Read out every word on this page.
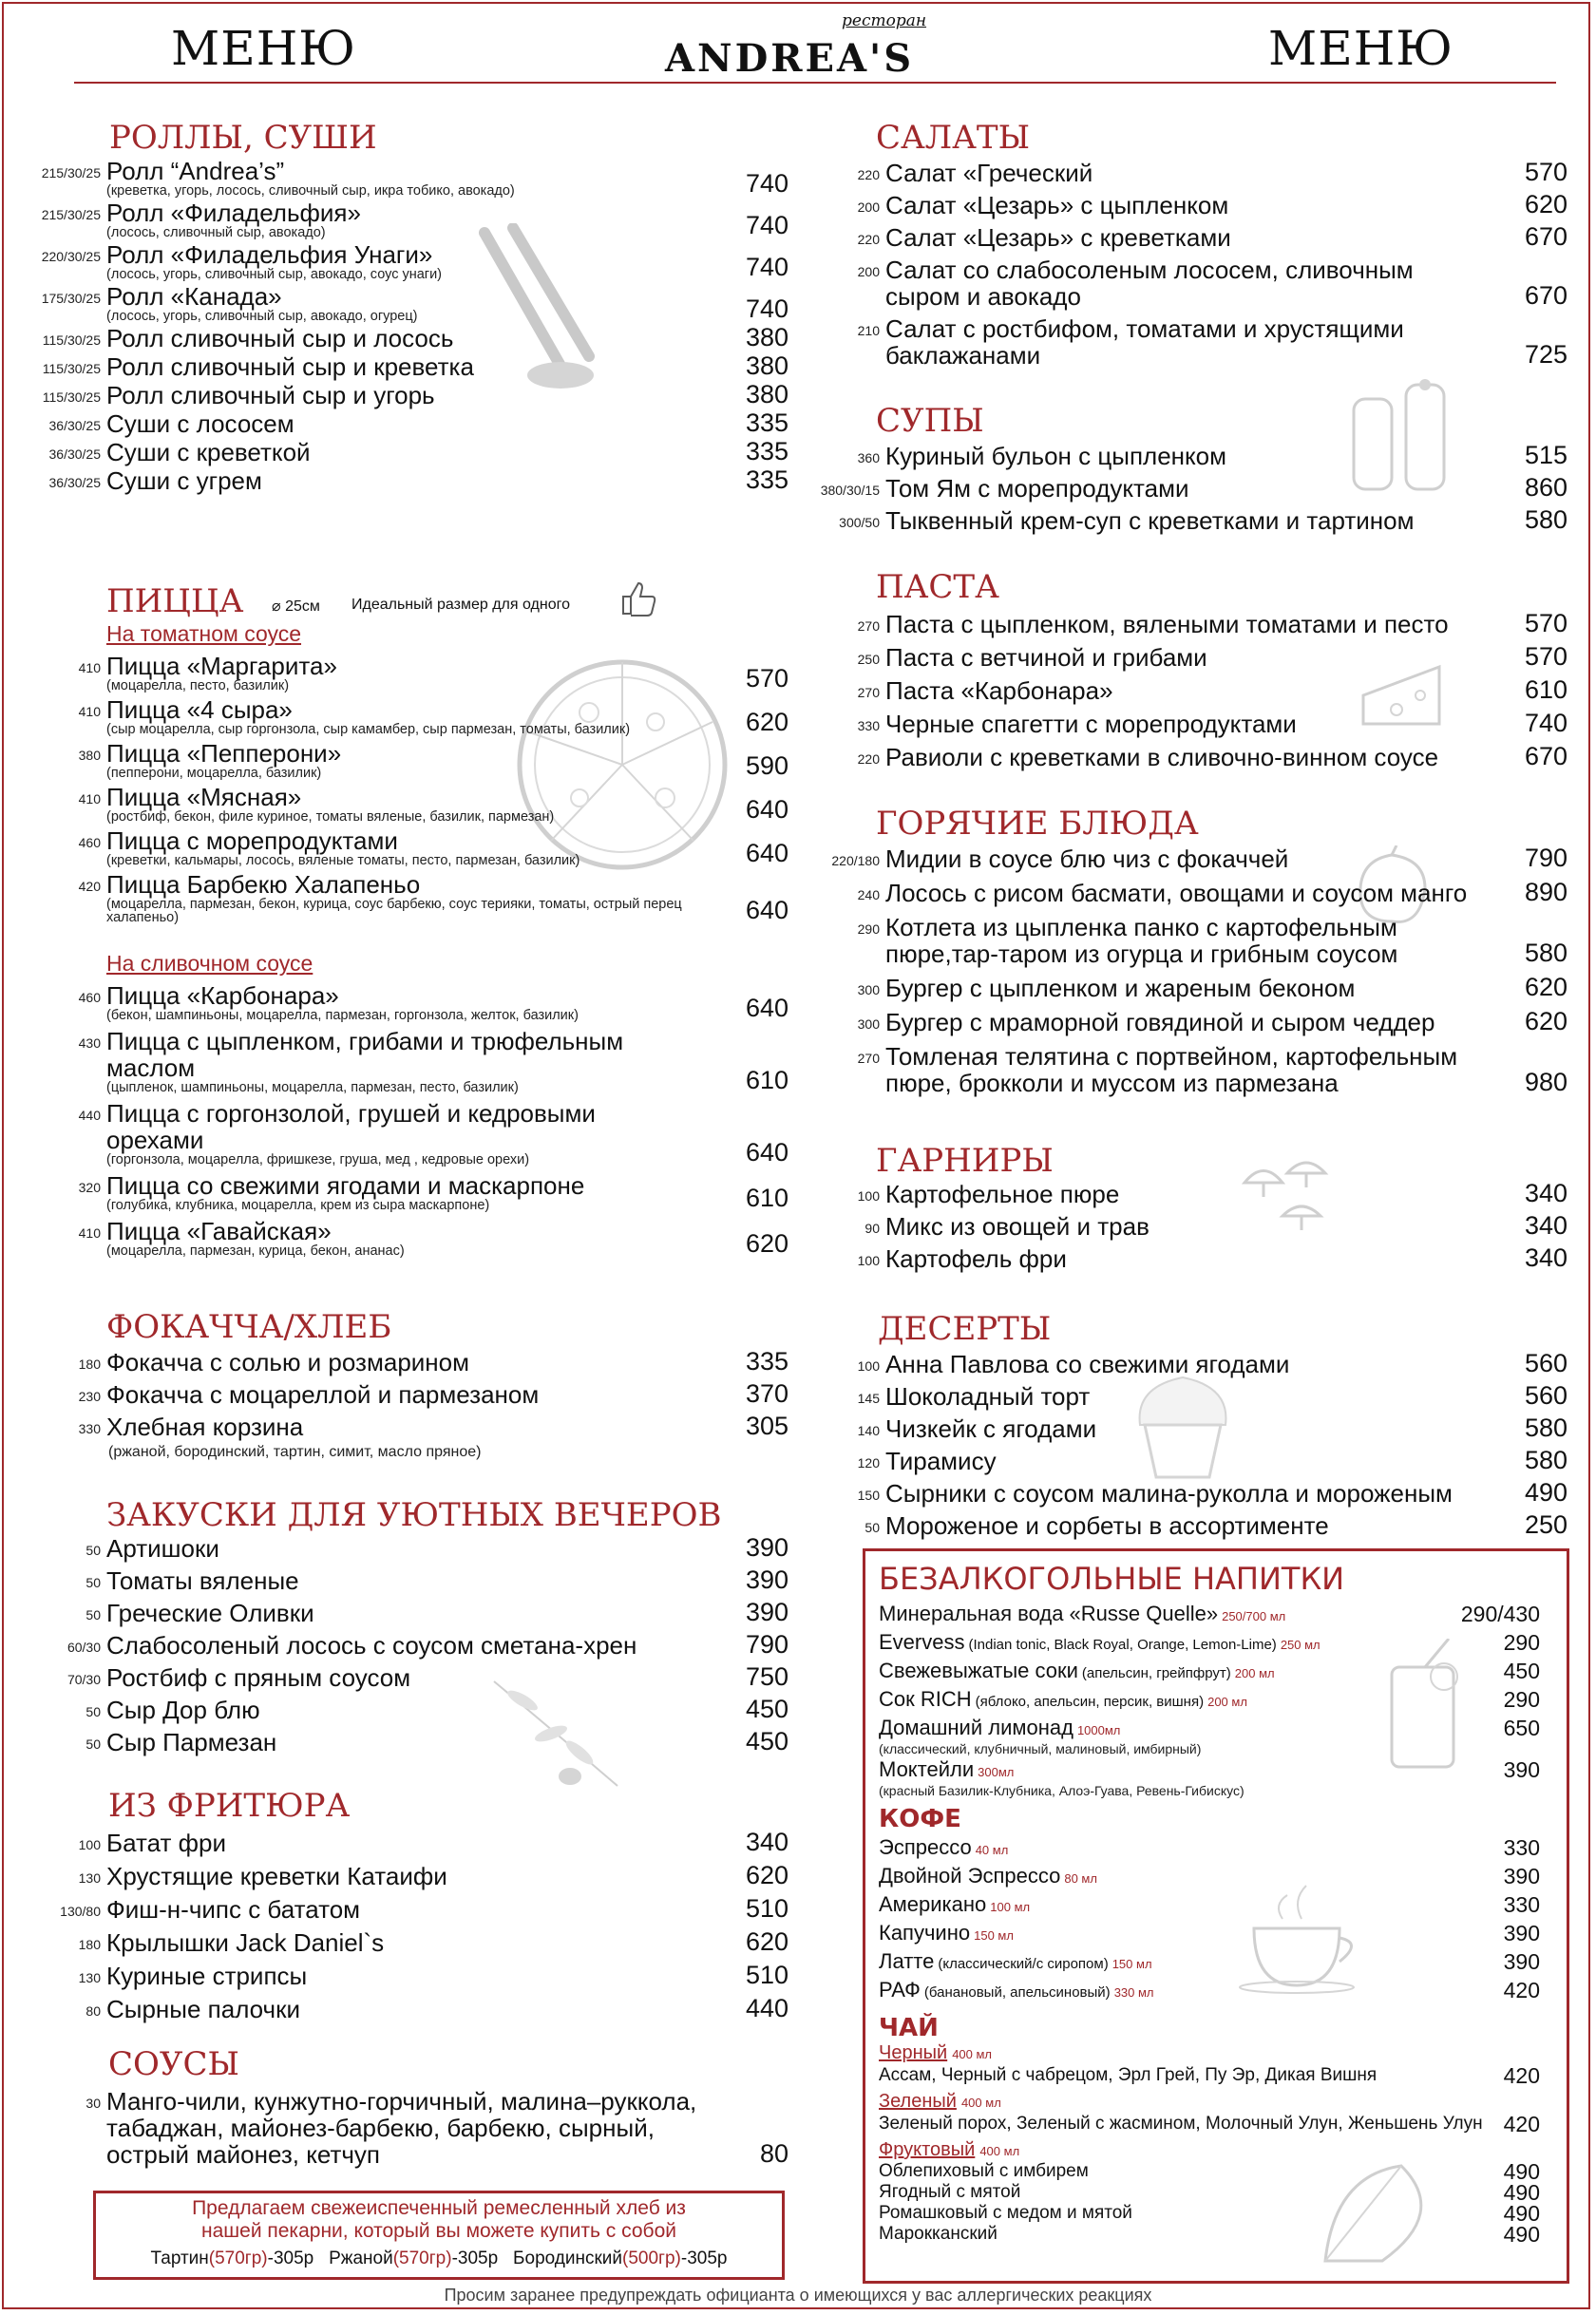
МЕНЮ	МЕНЮ
ресторан
ANDREA'S
РОЛЛЫ, СУШИ
215/30/25 Ролл “Andrea’s”
(креветка, угорь, лосось, сливочный сыр, икра тобико, авокадо)	740
215/30/25 Ролл «Филадельфия»
(лосось, сливочный сыр, авокадо)	740
220/30/25 Ролл «Филадельфия Унаги»
(лосось, угорь, сливочный сыр, авокадо, соус унаги)	740
175/30/25 Ролл «Канада»
(лосось, угорь, сливочный сыр, авокадо, огурец)	740
115/30/25 Ролл сливочный сыр и лосось	380
115/30/25 Ролл сливочный сыр и креветка	380
115/30/25 Ролл сливочный сыр и угорь	380
36/30/25 Суши с лососем	335
36/30/25 Суши с креветкой	335
36/30/25 Суши с угрем	335
ПИЦЦА ⌀ 25см Идеальный размер для одного
На томатном соусе
410 Пицца «Маргарита»
(моцарелла, песто, базилик)	570
410 Пицца «4 сыра»
(сыр моцарелла, сыр горгонзола, сыр камамбер, сыр пармезан, томаты, базилик)	620
380 Пицца «Пепперони»
(пепперони, моцарелла, базилик)	590
410 Пицца «Мясная»
(ростбиф, бекон, филе куриное, томаты вяленые, базилик, пармезан)	640
460 Пицца с морепродуктами
(креветки, кальмары, лосось, вяленые томаты, песто, пармезан, базилик)	640
420 Пицца Барбекю Халапеньо
(моцарелла, пармезан, бекон, курица, соус барбекю, соус терияки, томаты, острый перец халапеньо)	640
На сливочном соусе
460 Пицца «Карбонара»
(бекон, шампиньоны, моцарелла, пармезан, горгонзола, желток, базилик)	640
430 Пицца с цыпленком, грибами и трюфельным маслом
(цыпленок, шампиньоны, моцарелла, пармезан, песто, базилик)	610
440 Пицца с горгонзолой, грушей и кедровыми орехами
(горгонзола, моцарелла, фришкезе, груша, мед , кедровые орехи)	640
320 Пицца со свежими ягодами и маскарпоне
(голубика, клубника, моцарелла, крем из сыра маскарпоне)	610
410 Пицца «Гавайская»
(моцарелла, пармезан, курица, бекон, ананас)	620
ФОКАЧЧА/ХЛЕБ
180 Фокачча с солью и розмарином	335
230 Фокачча с моцареллой и пармезаном	370
330 Хлебная корзина	305
(ржаной, бородинский, тартин, симит, масло пряное)
ЗАКУСКИ ДЛЯ УЮТНЫХ ВЕЧЕРОВ
50 Артишоки	390
50 Томаты вяленые	390
50 Греческие Оливки	390
60/30 Слабосоленый лосось с соусом сметана-хрен	790
70/30 Ростбиф с пряным соусом	750
50 Сыр Дор блю	450
50 Сыр Пармезан	450
ИЗ ФРИТЮРА
100 Батат фри	340
130 Хрустящие креветки Катаифи	620
130/80 Фиш-н-чипс с бататом	510
180 Крылышки Jack Daniel`s	620
130 Куриные стрипсы	510
80 Сырные палочки	440
СОУСЫ
30 Манго-чили, кунжутно-горчичный, малина–руккола,
табаджан, майонез-барбекю, барбекю, сырный,
острый майонез, кетчуп	80
Предлагаем свежеиспеченный ремесленный хлеб из
нашей пекарни, который вы можете купить с собой
Тартин(570гр)-305р Ржаной(570гр)-305р Бородинский(500гр)-305р
САЛАТЫ
220 Салат «Греческий	570
200 Салат «Цезарь» с цыпленком	620
220 Салат «Цезарь» с креветками	670
200 Салат со слабосоленым лососем, сливочным сыром и авокадо	670
210 Салат с ростбифом, томатами и хрустящими баклажанами	725
СУПЫ
360 Куриный бульон с цыпленком	515
380/30/15 Том Ям с морепродуктами	860
300/50 Тыквенный крем-суп с креветками и тартином	580
ПАСТА
270 Паста с цыпленком, вялеными томатами и песто	570
250 Паста с ветчиной и грибами	570
270 Паста «Карбонара»	610
330 Черные спагетти с морепродуктами	740
220 Равиоли с креветками в сливочно-винном соусе	670
ГОРЯЧИЕ БЛЮДА
220/180 Мидии в соусе блю чиз с фокаччей	790
240 Лосось с рисом басмати, овощами и соусом манго 890
290 Котлета из цыпленка панко с картофельным пюре,тар-таром из огурца и грибным соусом	580
300 Бургер с цыпленком и жареным беконом	620
300 Бургер с мраморной говядиной и сыром чеддер	620
270 Томленая телятина с портвейном, картофельным пюре, брокколи и муссом из пармезана	980
ГАРНИРЫ
100 Картофельное пюре	340
90 Микс из овощей и трав	340
100 Картофель фри	340
ДЕСЕРТЫ
100 Анна Павлова со свежими ягодами	560
145 Шоколадный торт	560
140 Чизкейк с ягодами	580
120 Тирамису	580
150 Сырники с соусом малина-руколла и мороженым	490
50 Мороженое и сорбеты в ассортименте	250
БЕЗАЛКОГОЛЬНЫЕ НАПИТКИ
Минеральная вода «Russe Quelle» 250/700 мл	290/430
Evervess (Indian tonic, Black Royal, Orange, Lemon-Lime) 250 мл	290
Свежевыжатые соки (апельсин, грейпфрут) 200 мл	450
Сок RICH (яблоко, апельсин, персик, вишня) 200 мл	290
Домашний лимонад 1000мл
(классический, клубничный, малиновый, имбирный)
650
Моктейли 300мл
(красный Базилик-Клубника, Алоэ-Гуава, Ревень-Гибискус)
390
КОФЕ
Эспрессо 40 мл	330
Двойной Эспрессо 80 мл	390
Американо 100 мл	330
Капучино 150 мл	390
Латте (классический/с сиропом) 150 мл	390
РАФ (банановый, апельсиновый) 330 мл	420
ЧАЙ
Черный 400 мл
Ассам, Черный с чабрецом, Эрл Грей, Пу Эр, Дикая Вишня	420
Зеленый 400 мл
Зеленый порох, Зеленый с жасмином, Молочный Улун, Женьшень Улун 420
Фруктовый 400 мл
Облепиховый с имбирем	490
Ягодный с мятой	490
Ромашковый с медом и мятой	490
Марокканский	490
Просим заранее предупреждать официанта о имеющихся у вас аллергических реакциях
